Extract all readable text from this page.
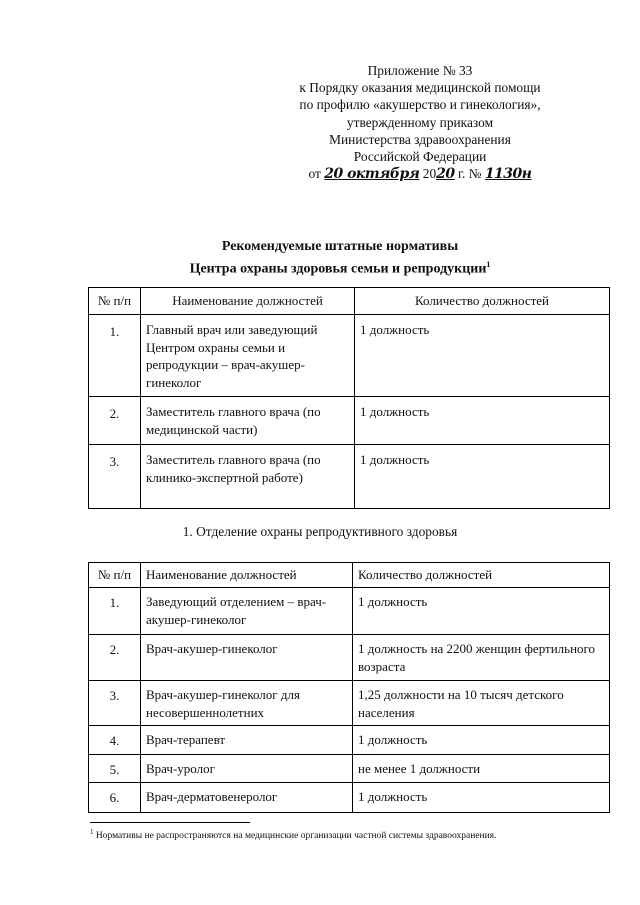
Приложение № 33
к Порядку оказания медицинской помощи
по профилю «акушерство и гинекология»,
утвержденному приказом
Министерства здравоохранения
Российской Федерации
от 20 октября 2020 г. № 1130н
Рекомендуемые штатные нормативы
Центра охраны здоровья семьи и репродукции$^1$
№ п/п	Наименование должностей	Количество должностей
1.	Главный врач или заведующий Центром охраны семьи и репродукции – врач-акушер-гинеколог	1 должность
2.	Заместитель главного врача (по медицинской части)	1 должность
3.	Заместитель главного врача (по клинико-экспертной работе)	1 должность
1. Отделение охраны репродуктивного здоровья
№ п/п	Наименование должностей	Количество должностей
1.	Заведующий отделением – врач-акушер-гинеколог	1 должность
2.	Врач-акушер-гинеколог	1 должность на 2200 женщин фертильного возраста
3.	Врач-акушер-гинеколог для несовершеннолетних	1,25 должности на 10 тысяч детского населения
4.	Врач-терапевт	1 должность
5.	Врач-уролог	не менее 1 должности
6.	Врач-дерматовенеролог	1 должность
$^1$ Нормативы не распространяются на медицинские организации частной системы здравоохранения.
